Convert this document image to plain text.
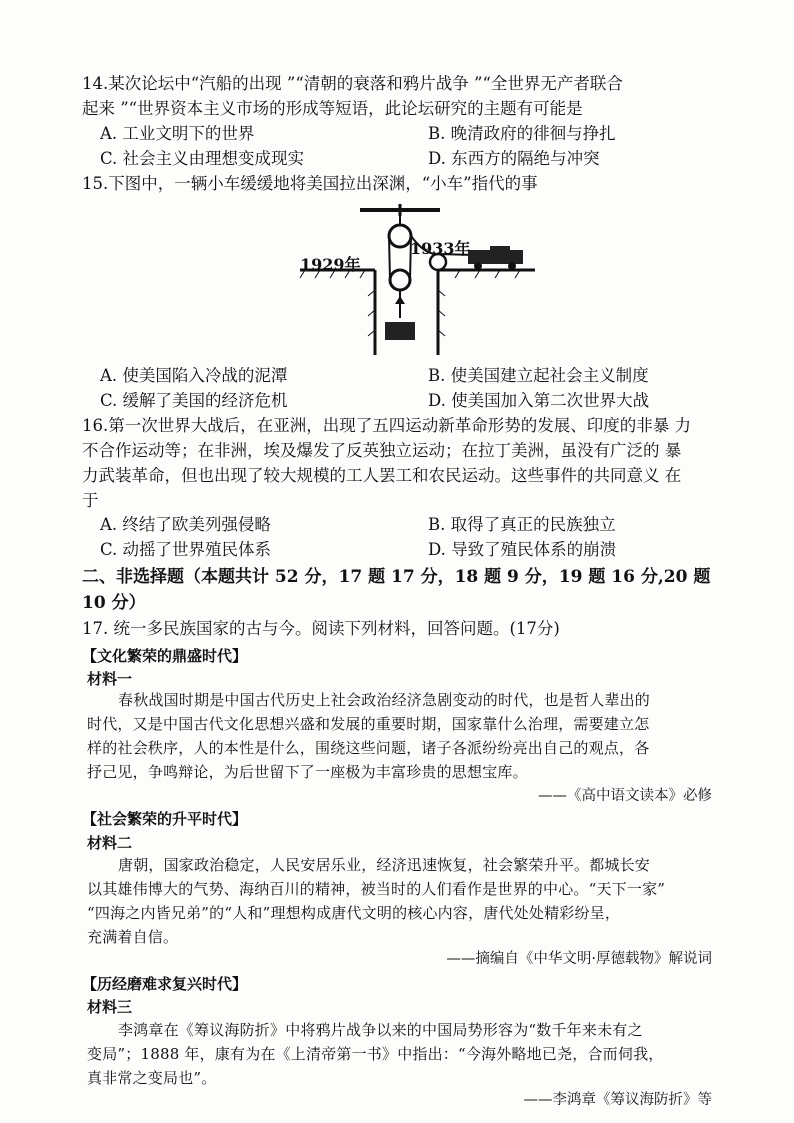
14.某次论坛中“汽船的出现 ”“清朝的衰落和鸦片战争 ”“全世界无产者联合
起来 ”“世界资本主义市场的形成等短语，此论坛研究的主题有可能是
A. 工业文明下的世界	B. 晚清政府的徘徊与挣扎
C. 社会主义由理想变成现实	D. 东西方的隔绝与冲突
15.下图中，一辆小车缓缓地将美国拉出深渊，“小车”指代的事
1929年
1933年
A. 使美国陷入冷战的泥潭	B. 使美国建立起社会主义制度
C. 缓解了美国的经济危机	D. 使美国加入第二次世界大战
16.第一次世界大战后，在亚洲，出现了五四运动新革命形势的发展、印度的非暴 力
不合作运动等；在非洲，埃及爆发了反英独立运动；在拉丁美洲，虽没有广泛的 暴
力武装革命，但也出现了较大规模的工人罢工和农民运动。这些事件的共同意义 在
于
A. 终结了欧美列强侵略	B. 取得了真正的民族独立
C. 动摇了世界殖民体系	D. 导致了殖民体系的崩溃
二、非选择题（本题共计 52 分，17 题 17 分，18 题 9 分，19 题 16 分,20 题
10 分）
17. 统一多民族国家的古与今。阅读下列材料，回答问题。(17分)
【文化繁荣的鼎盛时代】
材料一

春秋战国时期是中国古代历史上社会政治经济急剧变动的时代，也是哲人辈出的

时代，又是中国古代文化思想兴盛和发展的重要时期，国家靠什么治理，需要建立怎

样的社会秩序，人的本性是什么，围绕这些问题，诸子各派纷纷亮出自己的观点，各

抒己见，争鸣辩论，为后世留下了一座极为丰富珍贵的思想宝库。

——《高中语文读本》必修
【社会繁荣的升平时代】
材料二

唐朝，国家政治稳定，人民安居乐业，经济迅速恢复，社会繁荣升平。都城长安

以其雄伟博大的气势、海纳百川的精神，被当时的人们看作是世界的中心。“天下一家”

“四海之内皆兄弟”的“人和”理想构成唐代文明的核心内容，唐代处处精彩纷呈，

充满着自信。

——摘编自《中华文明·厚德载物》解说词
【历经磨难求复兴时代】
材料三

李鸿章在《筹议海防折》中将鸦片战争以来的中国局势形容为“数千年来未有之

变局”；1888 年，康有为在《上清帝第一书》中指出：“今海外略地已尧，合而伺我，

真非常之变局也”。

——李鸿章《筹议海防折》等
